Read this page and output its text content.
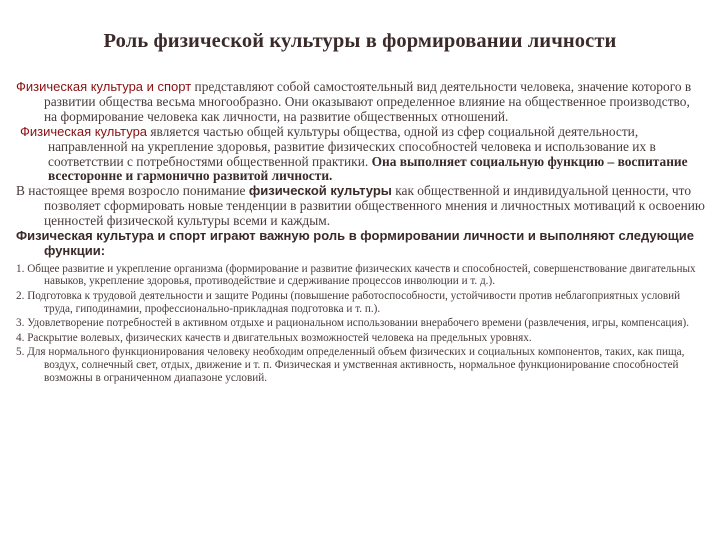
Роль физической культуры в формировании личности

Физическая культура и спорт представляют собой самостоятельный вид деятельности человека, значение которого в развитии общества весьма многообразно. Они оказывают определенное влияние на общественное производство, на формирование человека как личности, на развитие общественных отношений.

Физическая культура является частью общей культуры общества, одной из сфер социальной деятельности, направленной на укрепление здоровья, развитие физических способностей человека и использование их в соответствии с потребностями общественной практики. Она выполняет социальную функцию – воспитание всесторонне и гармонично развитой личности.

В настоящее время возросло понимание физической культуры как общественной и индивидуальной ценности, что позволяет сформировать новые тенденции в развитии общественного мнения и личностных мотиваций к освоению ценностей физической культуры всеми и каждым.

Физическая культура и спорт играют важную роль в формировании личности и выполняют следующие функции:

1. Общее развитие и укрепление организма (формирование и развитие физических качеств и способностей, совершенствование двигательных навыков, укрепление здоровья, противодействие и сдерживание процессов инволюции и т. д.).

2. Подготовка к трудовой деятельности и защите Родины (повышение работоспособности, устойчивости против неблагоприятных условий труда, гиподинамии, профессионально-прикладная подготовка и т. п.).

3. Удовлетворение потребностей в активном отдыхе и рациональном использовании внерабочего времени (развлечения, игры, компенсация).

4. Раскрытие волевых, физических качеств и двигательных возможностей человека на предельных уровнях.

5. Для нормального функционирования человеку необходим определенный объем физических и социальных компонентов, таких, как пища, воздух, солнечный свет, отдых, движение и т. п. Физическая и умственная активность, нормальное функционирование способностей возможны в ограниченном диапазоне условий.
